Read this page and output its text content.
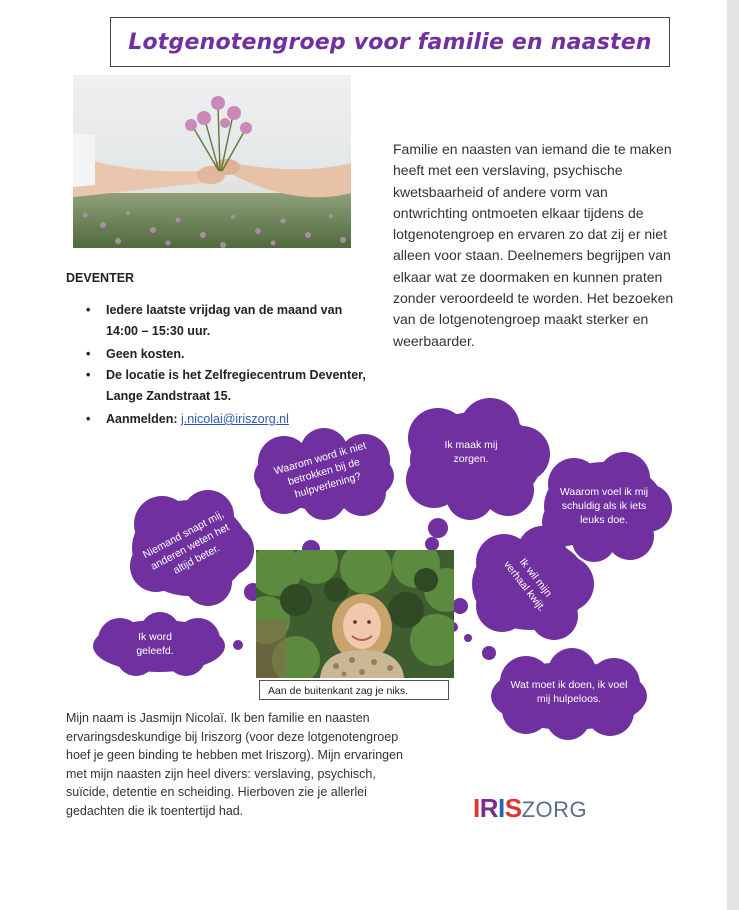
Lotgenotengroep voor familie en naasten
Familie en naasten van iemand die te maken heeft met een verslaving, psychische kwetsbaarheid of andere vorm van ontwrichting ontmoeten elkaar tijdens de lotgenotengroep en ervaren zo dat zij er niet alleen voor staan. Deelnemers begrijpen van elkaar wat ze doormaken en kunnen praten zonder veroordeeld te worden. Het bezoeken van de lotgenotengroep maakt sterker en weerbaarder.
DEVENTER
• Iedere laatste vrijdag van de maand van 14:00 – 15:30 uur.
• Geen kosten.
• De locatie is het Zelfregiecentrum Deventer, Lange Zandstraat 15.
• Aanmelden: j.nicolai@iriszorg.nl
Waarom word ik niet betrokken bij de hulpverlening?
Ik maak mij zorgen.
Waarom voel ik mij schuldig als ik iets leuks doe.
Niemand snapt mij, anderen weten het altijd beter.	Ik wil mijn verhaal kwijt.
Ik word geleefd.
Wat moet ik doen, ik voel mij hulpeloos.
Aan de buitenkant zag je niks.
Mijn naam is Jasmijn Nicolaï. Ik ben familie en naasten ervaringsdeskundige bij Iriszorg (voor deze lotgenotengroep hoef je geen binding te hebben met Iriszorg). Mijn ervaringen met mijn naasten zijn heel divers: verslaving, psychisch, suïcide, detentie en scheiding. Hierboven zie je allerlei gedachten die ik toentertijd had.	IRISZORG
